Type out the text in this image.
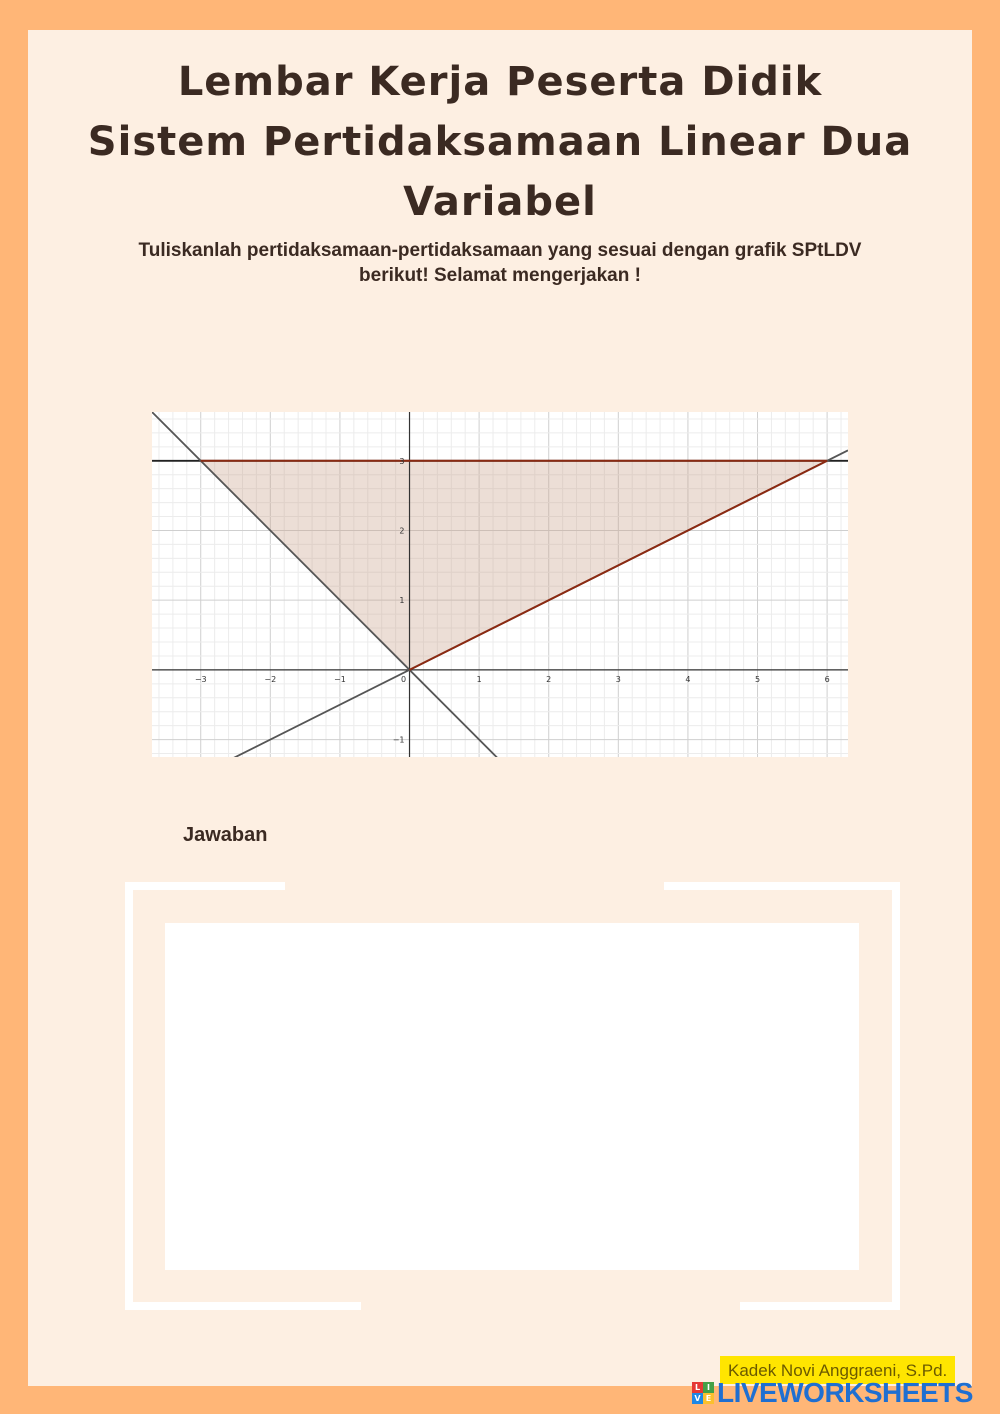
Lembar Kerja Peserta Didik
Sistem Pertidaksamaan Linear Dua
Variabel
Tuliskanlah pertidaksamaan-pertidaksamaan yang sesuai dengan grafik SPtLDV
berikut! Selamat mengerjakan !
−3	−2	−1	0	1	2	3	4	5	6
−1
1
2
3
Jawaban
Kadek Novi Anggraeni, S.Pd.
L I
V E LIVEWORKSHEETS
